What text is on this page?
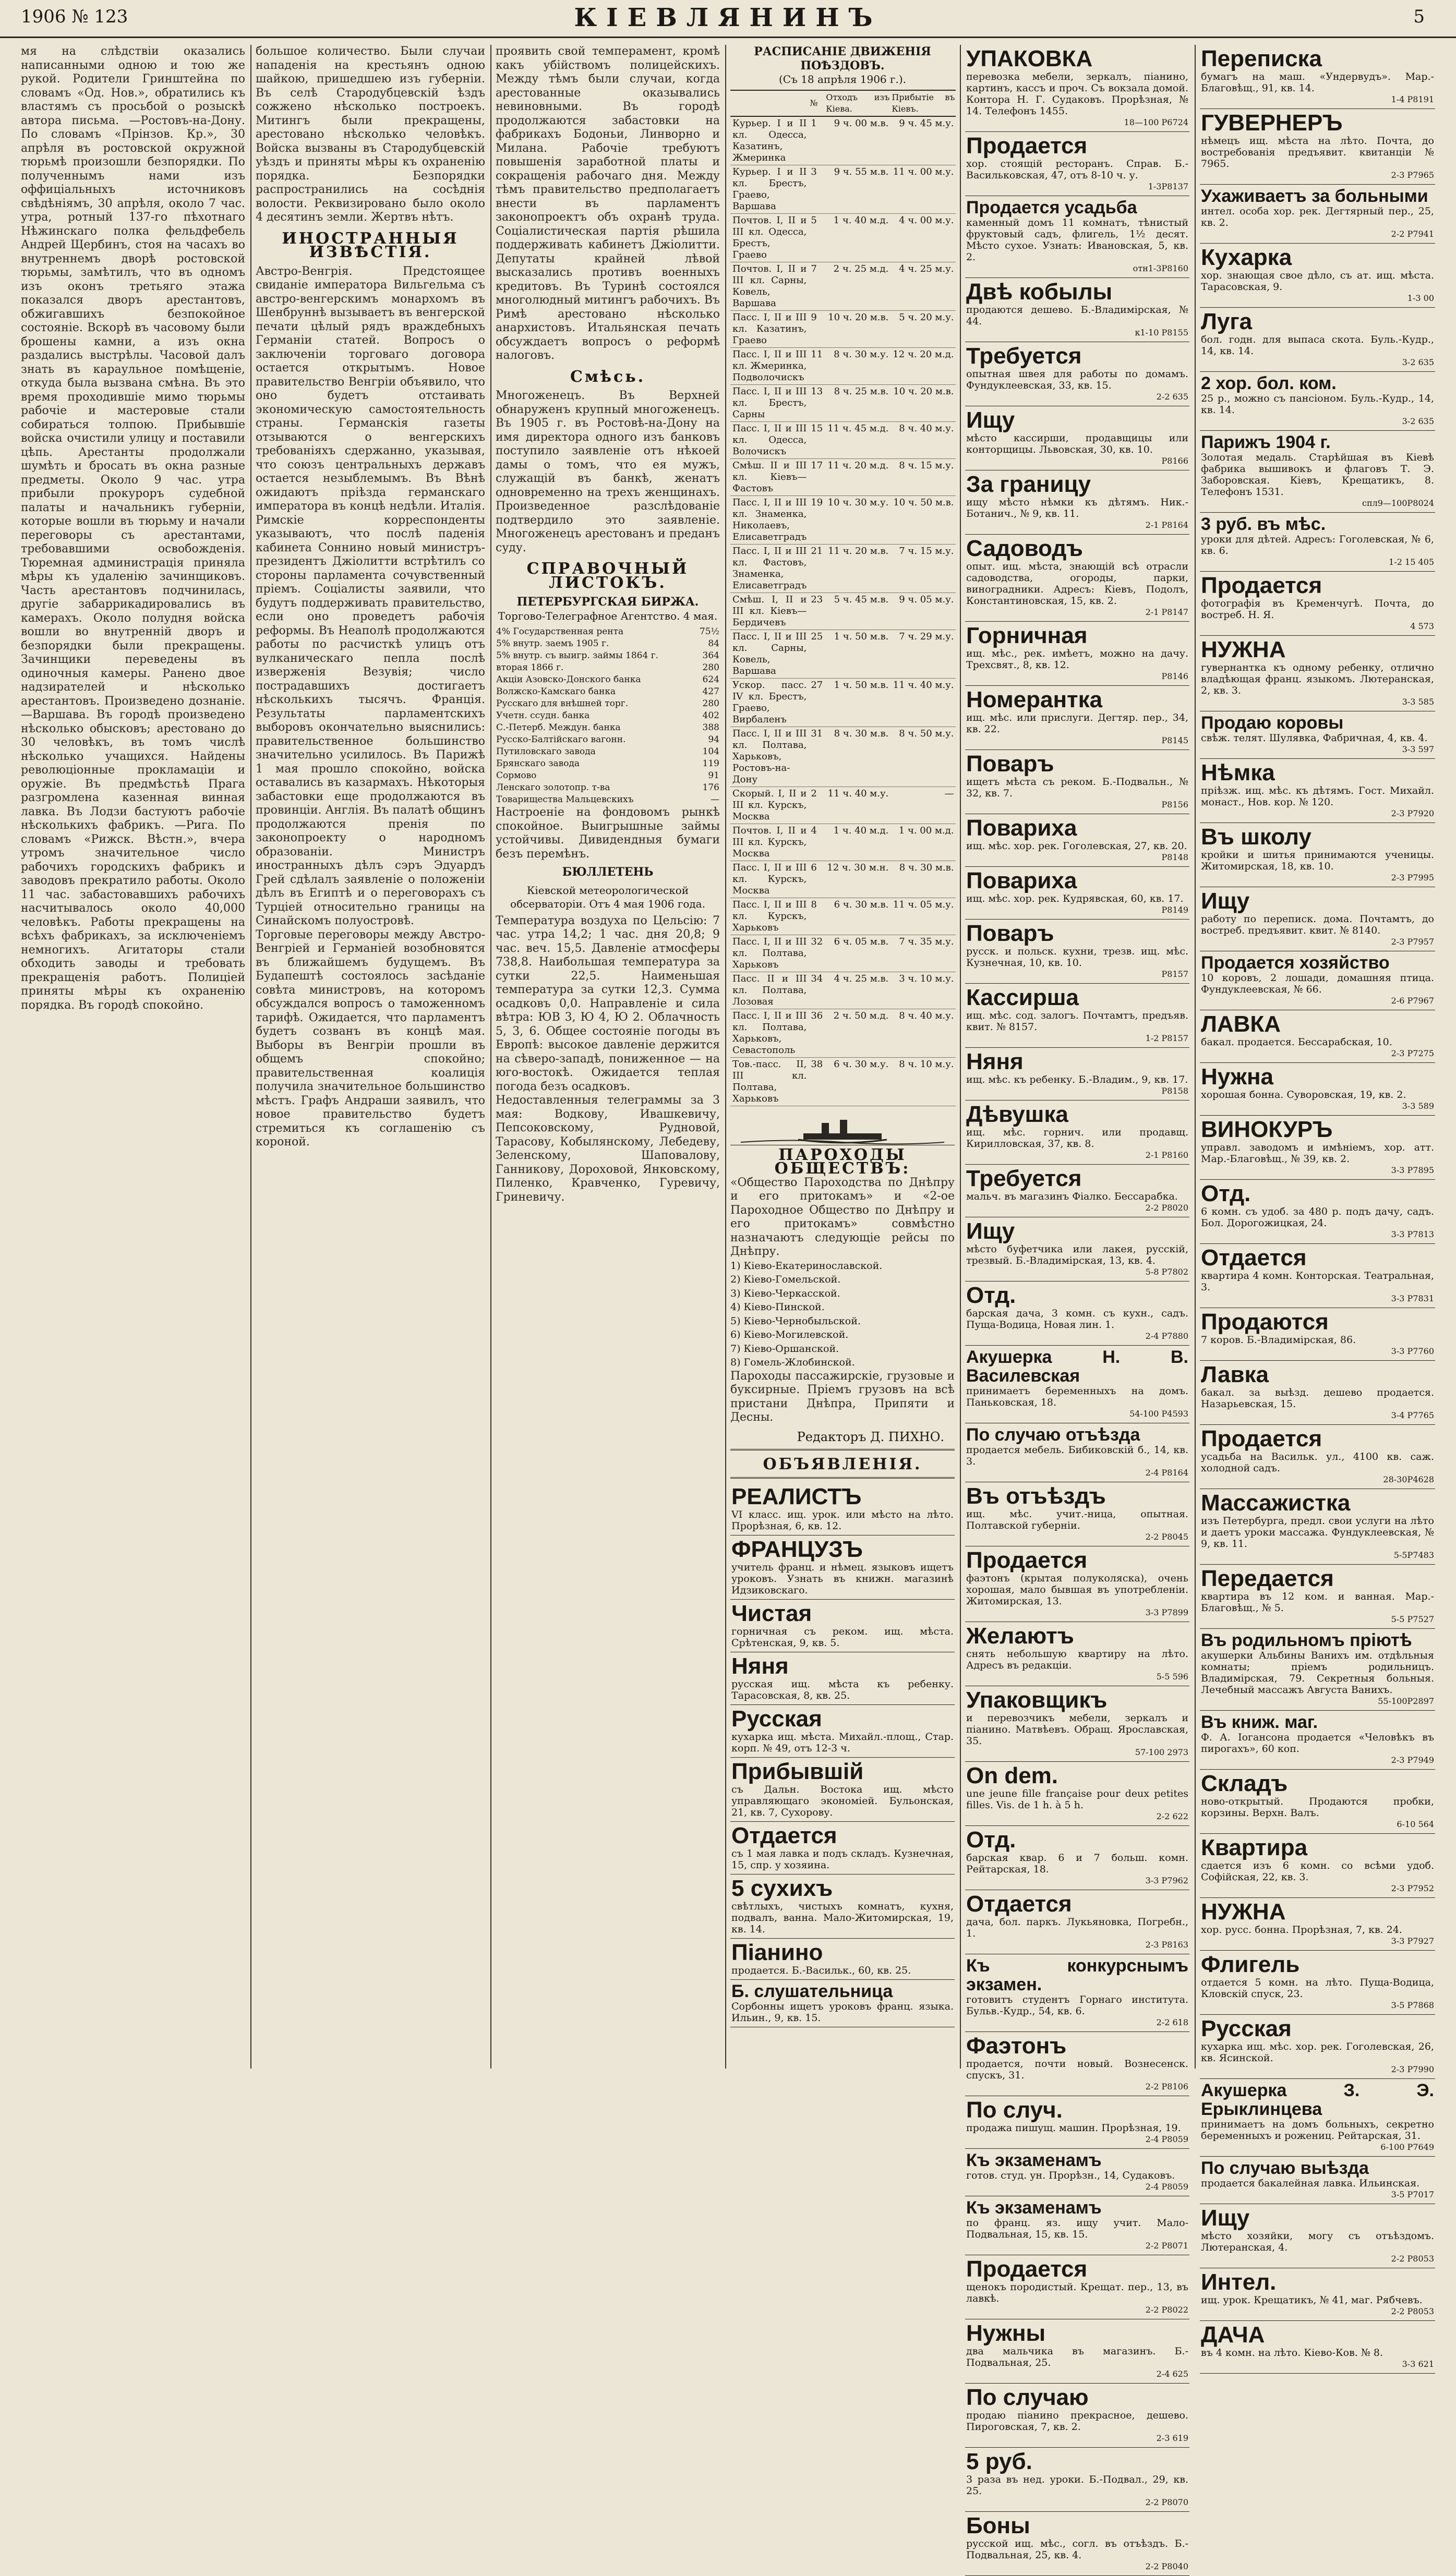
1906 № 123	КІЕВЛЯНИНЪ	5
мя на слѣдствіи оказались написанными одною и тою же рукой. Родители Гринштейна по словамъ «Од. Нов.», обратились къ властямъ съ просьбой о розыскѣ автора письма. —Ростовъ-на-Дону. По словамъ «Прінзов. Кр.», 30 апрѣля въ ростовской окружной тюрьмѣ произошли безпорядки. По полученнымъ нами изъ оффиціальныхъ источниковъ свѣдѣніямъ, 30 апрѣля, около 7 час. утра, ротный 137-го пѣхотнаго Нѣжинскаго полка фельдфебель Андрей Щербинъ, стоя на часахъ во внутреннемъ дворѣ ростовской тюрьмы, замѣтилъ, что въ одномъ изъ оконъ третьяго этажа показался дворъ арестантовъ, обжигавшихъ безпокойное состояніе. Вскорѣ въ часовому были брошены камни, а изъ окна раздались выстрѣлы. Часовой далъ знать въ караульное помѣщеніе, откуда была вызвана смѣна. Въ это время проходившіе мимо тюрьмы рабочіе и мастеровые стали собираться толпою. Прибывшіе войска очистили улицу и поставили цѣпь. Арестанты продолжали шумѣть и бросать въ окна разные предметы. Около 9 час. утра прибыли прокуроръ судебной палаты и начальникъ губерніи, которые вошли въ тюрьму и начали переговоры съ арестантами, требовавшими освобожденія. Тюремная администрація приняла мѣры къ удаленію зачинщиковъ. Часть арестантовъ подчинилась, другіе забаррикадировались въ камерахъ. Около полудня войска вошли во внутренній дворъ и безпорядки были прекращены. Зачинщики переведены въ одиночныя камеры. Ранено двое надзирателей и нѣсколько арестантовъ. Произведено дознаніе. —Варшава. Въ городѣ произведено нѣсколько обысковъ; арестовано до 30 человѣкъ, въ томъ числѣ нѣсколько учащихся. Найдены революціонные прокламаціи и оружіе. Въ предмѣстьѣ Прага разгромлена казенная винная лавка. Въ Лодзи бастуютъ рабочіе нѣсколькихъ фабрикъ. —Рига. По словамъ «Рижск. Вѣстн.», вчера утромъ значительное число рабочихъ городскихъ фабрикъ и заводовъ прекратило работы. Около 11 час. забастовавшихъ рабочихъ насчитывалось около 40,000 человѣкъ. Работы прекращены на всѣхъ фабрикахъ, за исключеніемъ немногихъ. Агитаторы стали обходить заводы и требовать прекращенія работъ. Полиціей приняты мѣры къ охраненію порядка. Въ городѣ спокойно.
большое количество. Были случаи нападенія на крестьянъ одною шайкою, пришедшею изъ губерніи. Въ селѣ Стародубцевскій ѣздъ сожжено нѣсколько построекъ. Митингъ были прекращены, арестовано нѣсколько человѣкъ. Войска вызваны въ Стародубцевскій уѣздъ и приняты мѣры къ охраненію порядка. Безпорядки распространились на сосѣднія волости. Реквизировано было около 4 десятинъ земли. Жертвъ нѣтъ.
ИНОСТРАННЫЯ ИЗВѢСТІЯ.
Австро-Венгрія. Предстоящее свиданіе императора Вильгельма съ австро-венгерскимъ монархомъ въ Шенбруннѣ вызываетъ въ венгерской печати цѣлый рядъ враждебныхъ Германіи статей. Вопросъ о заключеніи торговаго договора остается открытымъ. Новое правительство Венгріи объявило, что оно будетъ отстаивать экономическую самостоятельность страны. Германскія газеты отзываются о венгерскихъ требованіяхъ сдержанно, указывая, что союзъ центральныхъ державъ остается незыблемымъ. Въ Вѣнѣ ожидаютъ пріѣзда германскаго императора въ концѣ недѣли. Италія. Римскіе корреспонденты указываютъ, что послѣ паденія кабинета Соннино новый министръ-президентъ Джіолитти встрѣтилъ со стороны парламента сочувственный пріемъ. Соціалисты заявили, что будутъ поддерживать правительство, если оно проведетъ рабочія реформы. Въ Неаполѣ продолжаются работы по расчисткѣ улицъ отъ вулканическаго пепла послѣ изверженія Везувія; число пострадавшихъ достигаетъ нѣсколькихъ тысячъ. Франція. Результаты парламентскихъ выборовъ окончательно выяснились: правительственное большинство значительно усилилось. Въ Парижѣ 1 мая прошло спокойно, войска оставались въ казармахъ. Нѣкоторыя забастовки еще продолжаются въ провинціи. Англія. Въ палатѣ общинъ продолжаются пренія по законопроекту о народномъ образованіи. Министръ иностранныхъ дѣлъ сэръ Эдуардъ Грей сдѣлалъ заявленіе о положеніи дѣлъ въ Египтѣ и о переговорахъ съ Турціей относительно границы на Синайскомъ полуостровѣ.
Торговые переговоры между Австро-Венгріей и Германіей возобновятся въ ближайшемъ будущемъ. Въ Будапештѣ состоялось засѣданіе совѣта министровъ, на которомъ обсуждался вопросъ о таможенномъ тарифѣ. Ожидается, что парламентъ будетъ созванъ въ концѣ мая. Выборы въ Венгріи прошли въ общемъ спокойно; правительственная коалиція получила значительное большинство мѣстъ. Графъ Андраши заявилъ, что новое правительство будетъ стремиться къ соглашенію съ короной.
проявить свой темперамент, кромѣ какъ убійствомъ полицейскихъ. Между тѣмъ были случаи, когда арестованные оказывались невиновными. Въ городѣ продолжаются забастовки на фабрикахъ Бодоньи, Линворно и Милана. Рабочіе требуютъ повышенія заработной платы и сокращенія рабочаго дня. Между тѣмъ правительство предполагаетъ внести въ парламентъ законопроектъ объ охранѣ труда. Соціалистическая партія рѣшила поддерживать кабинетъ Джіолитти. Депутаты крайней лѣвой высказались противъ военныхъ кредитовъ. Въ Туринѣ состоялся многолюдный митингъ рабочихъ. Въ Римѣ арестовано нѣсколько анархистовъ. Итальянская печать обсуждаетъ вопросъ о реформѣ налоговъ.
Смѣсь.
Многоженецъ. Въ Верхней обнаруженъ крупный многоженецъ. Въ 1905 г. въ Ростовѣ-на-Дону на имя директора одного изъ банковъ поступило заявленіе отъ нѣкоей дамы о томъ, что ея мужъ, служащій въ банкѣ, женатъ одновременно на трехъ женщинахъ. Произведенное разслѣдованіе подтвердило это заявленіе. Многоженецъ арестованъ и преданъ суду.
СПРАВОЧНЫЙ ЛИСТОКЪ.
ПЕТЕРБУРГСКАЯ БИРЖА.
Торгово-Телеграфное Агентство. 4 мая.
4% Государственная рента	75½
5% внутр. заемъ 1905 г.	84
5% внутр. съ выигр. займы 1864 г.	364
вторая 1866 г.	280
Акціи Азовско-Донского банка	624
Волжско-Камскаго банка	427
Русскаго для внѣшней торг.	280
Учетн. ссудн. банка	402
С.-Петерб. Междун. банка	388
Русско-Балтійскаго вагонн.	94
Путиловскаго завода	104
Брянскаго завода	119
Сормово	91
Ленскаго золотопр. т-ва	176
Товарищества Мальцевскихъ	—
Настроеніе на фондовомъ рынкѣ спокойное. Выигрышные займы устойчивы. Дивидендныя бумаги безъ перемѣнъ.
БЮЛЛЕТЕНЬ
Кіевской метеорологической обсерваторіи. Отъ 4 мая 1906 года.
Температура воздуха по Цельсію: 7 час. утра 14,2; 1 час. дня 20,8; 9 час. веч. 15,5. Давленіе атмосферы 738,8. Наибольшая температура за сутки 22,5. Наименьшая температура за сутки 12,3. Сумма осадковъ 0,0. Направленіе и сила вѣтра: ЮВ 3, Ю 4, Ю 2. Облачность 5, 3, 6. Общее состояніе погоды въ Европѣ: высокое давленіе держится на сѣверо-западѣ, пониженное — на юго-востокѣ. Ожидается теплая погода безъ осадковъ.
Недоставленныя телеграммы за 3 мая: Водкову, Ивашкевичу, Пепсоковскому, Рудновой, Тарасову, Кобылянскому, Лебедеву, Зеленскому, Шаповалову, Ганникову, Дороховой, Янковскому, Пиленко, Кравченко, Гуревичу, Гриневичу.
РАСПИСАНІЕ ДВИЖЕНІЯ ПОѢЗДОВЪ.
(Съ 18 апрѣля 1906 г.).
	№	Отходъ изъ Кіева.	Прибытіе въ Кіевъ.
Курьер. I и II кл. Одесса, Казатинъ, Жмеринка	1	9 ч. 00 м.в.	9 ч. 45 м.у.
Курьер. I и II кл. Брестъ, Граево, Варшава	3	9 ч. 55 м.в.	11 ч. 00 м.у.
Почтов. I, II и III кл. Одесса, Брестъ, Граево	5	1 ч. 40 м.д.	4 ч. 00 м.у.
Почтов. I, II и III кл. Сарны, Ковель, Варшава	7	2 ч. 25 м.д.	4 ч. 25 м.у.
Пасс. I, II и III кл. Казатинъ, Граево	9	10 ч. 20 м.в.	5 ч. 20 м.у.
Пасс. I, II и III кл. Жмеринка, Подволочискъ	11	8 ч. 30 м.у.	12 ч. 20 м.д.
Пасс. I, II и III кл. Брестъ, Сарны	13	8 ч. 25 м.в.	10 ч. 20 м.в.
Пасс. I, II и III кл. Одесса, Волочискъ	15	11 ч. 45 м.д.	8 ч. 40 м.у.
Смѣш. II и III кл. Кіевъ—Фастовъ	17	11 ч. 20 м.д.	8 ч. 15 м.у.
Пасс. I, II и III кл. Знаменка, Николаевъ, Елисаветградъ	19	10 ч. 30 м.у.	10 ч. 50 м.в.
Пасс. I, II и III кл. Фастовъ, Знаменка, Елисаветградъ	21	11 ч. 20 м.в.	7 ч. 15 м.у.
Смѣш. I, II и III кл. Кіевъ—Бердичевъ	23	5 ч. 45 м.в.	9 ч. 05 м.у.
Пасс. I, II и III кл. Сарны, Ковель, Варшава	25	1 ч. 50 м.в.	7 ч. 29 м.у.
Ускор. пасс. IV кл. Брестъ, Граево, Вирбаленъ	27	1 ч. 50 м.в.	11 ч. 40 м.у.
Пасс. I, II и III кл. Полтава, Харьковъ, Ростовъ-на-Дону	31	8 ч. 30 м.в.	8 ч. 50 м.у.
Скорый. I, II и III кл. Курскъ, Москва	2	11 ч. 40 м.у.	—
Почтов. I, II и III кл. Курскъ, Москва	4	1 ч. 40 м.д.	1 ч. 00 м.д.
Пасс. I, II и III кл. Курскъ, Москва	6	12 ч. 30 м.н.	8 ч. 30 м.в.
Пасс. I, II и III кл. Курскъ, Харьковъ	8	6 ч. 30 м.в.	11 ч. 05 м.у.
Пасс. I, II и III кл. Полтава, Харьковъ	32	6 ч. 05 м.в.	7 ч. 35 м.у.
Пасс. II и III кл. Полтава, Лозовая	34	4 ч. 25 м.в.	3 ч. 10 м.у.
Пасс. I, II и III кл. Полтава, Харьковъ, Севастополь	36	2 ч. 50 м.д.	8 ч. 40 м.у.
Тов.-пасс. II, III кл. Полтава, Харьковъ	38	6 ч. 30 м.у.	8 ч. 10 м.у.
ПАРОХОДЫ ОБЩЕСТВЪ:
«Общество Пароходства по Днѣпру и его притокамъ» и «2-ое Пароходное Общество по Днѣпру и его притокамъ» совмѣстно назначаютъ следующіе рейсы по Днѣпру.
1) Кіево-Екатеринославской.
2) Кіево-Гомельской.
3) Кіево-Черкасской.
4) Кіево-Пинской.
5) Кіево-Чернобыльской.
6) Кіево-Могилевской.
7) Кіево-Оршанской.
8) Гомель-Жлобинской.
Пароходы пассажирскіе, грузовые и буксирные. Пріемъ грузовъ на всѣ пристани Днѣпра, Припяти и Десны.
Редакторъ Д. ПИХНО.
ОБЪЯВЛЕНІЯ.
РЕАЛИСТЪ
VI класс. ищ. урок. или мѣсто на лѣто. Прорѣзная, 6, кв. 12.
ФРАНЦУЗЪ
учитель франц. и нѣмец. языковъ ищетъ уроковъ. Узнать въ книжн. магазинѣ Идзиковскаго.
Чистая
горничная съ реком. ищ. мѣста. Срѣтенская, 9, кв. 5.
Няня
русская ищ. мѣста къ ребенку. Тарасовская, 8, кв. 25.
Русская
кухарка ищ. мѣста. Михайл.-площ., Стар. корп. № 49, отъ 12-3 ч.
Прибывшій
съ Дальн. Востока ищ. мѣсто управляющаго экономіей. Бульонская, 21, кв. 7, Сухорову.
Отдается
съ 1 мая лавка и подъ складъ. Кузнечная, 15, спр. у хозяина.
5 сухихъ
свѣтлыхъ, чистыхъ комнатъ, кухня, подвалъ, ванна. Мало-Житомирская, 19, кв. 14.
Піанино
продается. Б.-Васильк., 60, кв. 25.
Б. слушательница
Сорбонны ищетъ уроковъ франц. языка. Ильин., 9, кв. 15.
УПАКОВКА
перевозка мебели, зеркалъ, піанино, картинъ, кассъ и проч. Съ вокзала домой. Контора Н. Г. Судаковъ. Прорѣзная, № 14. Телефонъ 1455.
18—100 Р6724
Продается
хор. стоящій ресторанъ. Справ. Б.-Васильковская, 47, отъ 8-10 ч. у.
1-3Р8137
Продается усадьба
каменный домъ 11 комнатъ, тѣнистый фруктовый садъ, флигель, 1½ десят. Мѣсто сухое. Узнать: Ивановская, 5, кв. 2.
отн1-3Р8160
Двѣ кобылы
продаются дешево. Б.-Владимірская, № 44.
к1-10 Р8155
Требуется
опытная швея для работы по домамъ. Фундуклеевская, 33, кв. 15.
2-2 635
Ищу
мѣсто кассирши, продавщицы или конторщицы. Львовская, 30, кв. 10.
Р8166
За границу
ищу мѣсто нѣмки къ дѣтямъ. Ник.-Ботанич., № 9, кв. 11.
2-1 Р8164
Садоводъ
опыт. ищ. мѣста, знающій всѣ отрасли садоводства, огороды, парки, виноградники. Адресъ: Кіевъ, Подолъ, Константиновская, 15, кв. 2.
2-1 Р8147
Горничная
ищ. мѣс., рек. имѣетъ, можно на дачу. Трехсвят., 8, кв. 12.
Р8146
Номерантка
ищ. мѣс. или прислуги. Дегтяр. пер., 34, кв. 22.
Р8145
Поваръ
ищетъ мѣста съ реком. Б.-Подвальн., № 32, кв. 7.
Р8156
Повариха
ищ. мѣс. хор. рек. Гоголевская, 27, кв. 20.
Р8148
Повариха
ищ. мѣс. хор. рек. Кудрявская, 60, кв. 17.
Р8149
Поваръ
русск. и польск. кухни, трезв. ищ. мѣс. Кузнечная, 10, кв. 10.
Р8157
Кассирша
ищ. мѣс. сод. залогъ. Почтамтъ, предъяв. квит. № 8157.
1-2 Р8157
Няня
ищ. мѣс. къ ребенку. Б.-Владим., 9, кв. 17.
Р8158
Дѣвушка
ищ. мѣс. горнич. или продавщ. Кирилловская, 37, кв. 8.
2-1 Р8160
Требуется
мальч. въ магазинъ Фіалко. Бессарабка.
2-2 Р8020
Ищу
мѣсто буфетчика или лакея, русскій, трезвый. Б.-Владимірская, 13, кв. 4.
5-8 Р7802
Отд.
барская дача, 3 комн. съ кухн., садъ. Пуща-Водица, Новая лин. 1.
2-4 Р7880
Акушерка Н. В. Василевская
принимаетъ беременныхъ на домъ. Паньковская, 18.
54-100 Р4593
По случаю отъѣзда
продается мебель. Бибиковскій б., 14, кв. 3.
2-4 Р8164
Въ отъѣздъ
ищ. мѣс. учит.-ница, опытная. Полтавской губерніи.
2-2 Р8045
Продается
фаэтонъ (крытая полуколяска), очень хорошая, мало бывшая въ употребленіи. Житомирская, 13.
3-3 Р7899
Желаютъ
снять небольшую квартиру на лѣто. Адресъ въ редакціи.
5-5 596
Упаковщикъ
и перевозчикъ мебели, зеркалъ и піанино. Матвѣевъ. Обращ. Ярославская, 35.
57-100 2973
On dem.
une jeune fille française pour deux petites filles. Vis. de 1 h. à 5 h.
2-2 622
Отд.
барская квар. 6 и 7 больш. комн. Рейтарская, 18.
3-3 Р7962
Отдается
дача, бол. паркъ. Лукьяновка, Погребн., 1.
2-3 Р8163
Къ конкурснымъ экзамен.
готовитъ студентъ Горнаго института. Бульв.-Кудр., 54, кв. 6.
2-2 618
Фаэтонъ
продается, почти новый. Вознесенск. спускъ, 31.
2-2 Р8106
По случ.
продажа пишущ. машин. Прорѣзная, 19.
2-4 Р8059
Къ экзаменамъ
готов. студ. ун. Прорѣзн., 14, Судаковъ.
2-4 Р8059
Къ экзаменамъ
по франц. яз. ищу учит. Мало-Подвальная, 15, кв. 15.
2-2 Р8071
Продается
щенокъ породистый. Крещат. пер., 13, въ лавкѣ.
2-2 Р8022
Нужны
два мальчика въ магазинъ. Б.-Подвальная, 25.
2-4 625
По случаю
продаю піанино прекрасное, дешево. Пироговская, 7, кв. 2.
2-3 619
5 руб.
3 раза въ нед. уроки. Б.-Подвал., 29, кв. 25.
2-2 Р8070
Боны
русской ищ. мѣс., согл. въ отъѣздъ. Б.-Подвальная, 25, кв. 4.
2-2 Р8040
Переписка
бумагъ на маш. «Ундервудъ». Мар.-Благовѣщ., 91, кв. 14.
1-4 Р8191
ГУВЕРНЕРЪ
нѣмецъ ищ. мѣста на лѣто. Почта, до востребованія предъявит. квитанціи № 7965.
2-3 Р7965
Ухаживаетъ за больными
интел. особа хор. рек. Дегтярный пер., 25, кв. 2.
2-2 Р7941
Кухарка
хор. знающая свое дѣло, съ ат. ищ. мѣста. Тарасовская, 9.
1-3 00
Луга
бол. годн. для выпаса скота. Буль.-Кудр., 14, кв. 14.
3-2 635
2 хор. бол. ком.
25 р., можно съ пансіоном. Буль.-Кудр., 14, кв. 14.
3-2 635
Парижъ 1904 г.
Золотая медаль. Старѣйшая въ Кіевѣ фабрика вышивокъ и флаговъ Т. Э. Заборовская. Кіевъ, Крещатикъ, 8. Телефонъ 1531.
спл9—100Р8024
3 руб. въ мѣс.
уроки для дѣтей. Адресъ: Гоголевская, № 6, кв. 6.
1-2 15 405
Продается
фотографія въ Кременчугѣ. Почта, до востреб. Н. Я.
4 573
НУЖНА
гувернантка къ одному ребенку, отлично владѣющая франц. языкомъ. Лютеранская, 2, кв. 3.
3-3 585
Продаю коровы
свѣж. телят. Шулявка, Фабричная, 4, кв. 4.
3-3 597
Нѣмка
пріѣзж. ищ. мѣс. къ дѣтямъ. Гост. Михайл. монаст., Нов. кор. № 120.
2-3 Р7920
Въ школу
кройки и шитья принимаются ученицы. Житомирская, 18, кв. 10.
2-3 Р7995
Ищу
работу по переписк. дома. Почтамтъ, до востреб. предъявит. квит. № 8140.
2-3 Р7957
Продается хозяйство
10 коровъ, 2 лошади, домашняя птица. Фундуклеевская, № 66.
2-6 Р7967
ЛАВКА
бакал. продается. Бессарабская, 10.
2-3 Р7275
Нужна
хорошая бонна. Суворовская, 19, кв. 2.
3-3 589
ВИНОКУРЪ
управл. заводомъ и имѣніемъ, хор. атт. Мар.-Благовѣщ., № 39, кв. 2.
3-3 Р7895
Отд.
6 комн. съ удоб. за 480 р. подъ дачу, садъ. Бол. Дорогожицкая, 24.
3-3 Р7813
Отдается
квартира 4 комн. Конторская. Театральная, 3.
3-3 Р7831
Продаются
7 коров. Б.-Владимірская, 86.
3-3 Р7760
Лавка
бакал. за выѣзд. дешево продается. Назарьевская, 15.
3-4 Р7765
Продается
усадьба на Васильк. ул., 4100 кв. саж. холодной садъ.
28-30Р4628
Массажистка
изъ Петербурга, предл. свои услуги на лѣто и даетъ уроки массажа. Фундуклеевская, № 9, кв. 11.
5-5Р7483
Передается
квартира въ 12 ком. и ванная. Мар.-Благовѣщ., № 5.
5-5 Р7527
Въ родильномъ пріютѣ
акушерки Альбины Ванихъ им. отдѣльныя комнаты; пріемъ родильницъ. Владимірская, 79. Секретныя больныя. Лечебный массажъ Августа Ванихъ.
55-100Р2897
Въ книж. маг.
Ф. А. Іогансона продается «Человѣкъ въ пирогахъ», 60 коп.
2-3 Р7949
Складъ
ново-открытый. Продаются пробки, корзины. Верхн. Валъ.
6-10 564
Квартира
сдается изъ 6 комн. со всѣми удоб. Софійская, 22, кв. 3.
2-3 Р7952
НУЖНА
хор. русс. бонна. Прорѣзная, 7, кв. 24.
3-3 Р7927
Флигель
отдается 5 комн. на лѣто. Пуща-Водица, Кловскій спуск, 23.
3-5 Р7868
Русская
кухарка ищ. мѣс. хор. рек. Гоголевская, 26, кв. Ясинской.
2-3 Р7990
Акушерка З. Э. Ерыклинцева
принимаетъ на домъ больныхъ, секретно беременныхъ и рожениц. Рейтарская, 31.
6-100 Р7649
По случаю выѣзда
продается бакалейная лавка. Ильинская.
3-5 Р7017
Ищу
мѣсто хозяйки, могу съ отъѣздомъ. Лютеранская, 4.
2-2 Р8053
Интел.
ищ. урок. Крещатикъ, № 41, маг. Рябчевъ.
2-2 Р8053
ДАЧА
въ 4 комн. на лѣто. Кіево-Ков. № 8.
3-3 621
